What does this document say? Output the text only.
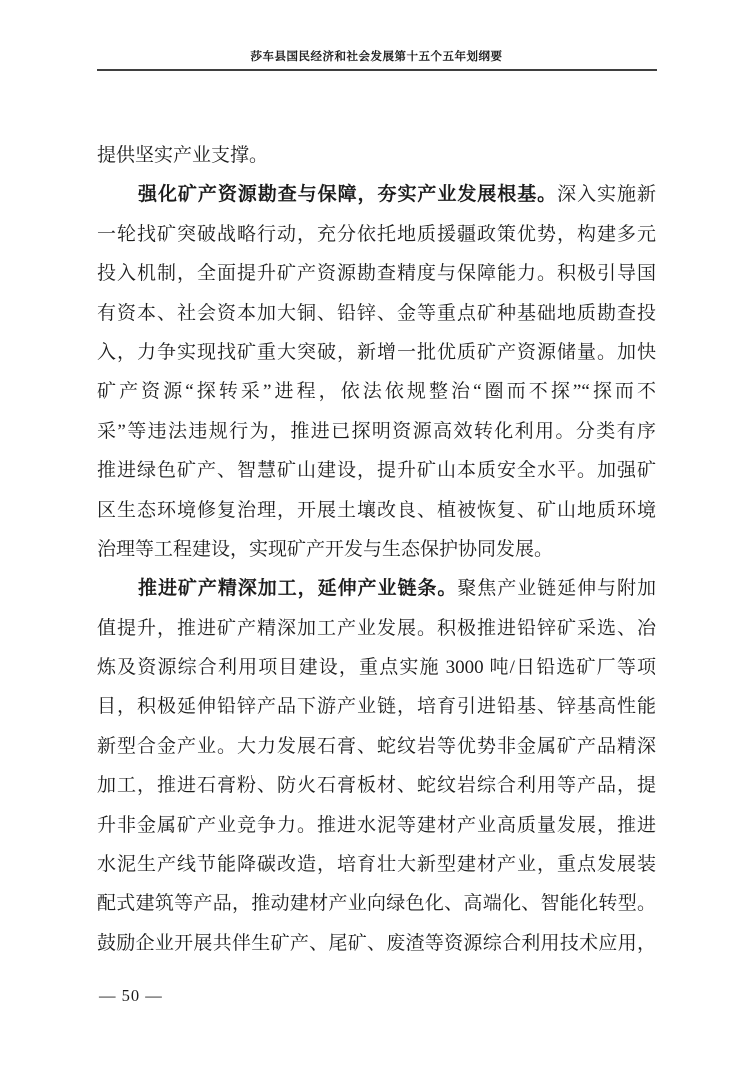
莎车县国民经济和社会发展第十五个五年划纲要
提供坚实产业支撑。
强化矿产资源勘查与保障，夯实产业发展根基。深入实施新
一轮找矿突破战略行动，充分依托地质援疆政策优势，构建多元
投入机制，全面提升矿产资源勘查精度与保障能力。积极引导国
有资本、社会资本加大铜、铅锌、金等重点矿种基础地质勘查投
入，力争实现找矿重大突破，新增一批优质矿产资源储量。加快
矿产资源“探转采”进程，依法依规整治“圈而不探”“探而不
采”等违法违规行为，推进已探明资源高效转化利用。分类有序
推进绿色矿产、智慧矿山建设，提升矿山本质安全水平。加强矿
区生态环境修复治理，开展土壤改良、植被恢复、矿山地质环境
治理等工程建设，实现矿产开发与生态保护协同发展。
推进矿产精深加工，延伸产业链条。聚焦产业链延伸与附加
值提升，推进矿产精深加工产业发展。积极推进铅锌矿采选、冶
炼及资源综合利用项目建设，重点实施 3000 吨/日铅选矿厂等项
目，积极延伸铅锌产品下游产业链，培育引进铅基、锌基高性能
新型合金产业。大力发展石膏、蛇纹岩等优势非金属矿产品精深
加工，推进石膏粉、防火石膏板材、蛇纹岩综合利用等产品，提
升非金属矿产业竞争力。推进水泥等建材产业高质量发展，推进
水泥生产线节能降碳改造，培育壮大新型建材产业，重点发展装
配式建筑等产品，推动建材产业向绿色化、高端化、智能化转型。
鼓励企业开展共伴生矿产、尾矿、废渣等资源综合利用技术应用，
— 50 —
